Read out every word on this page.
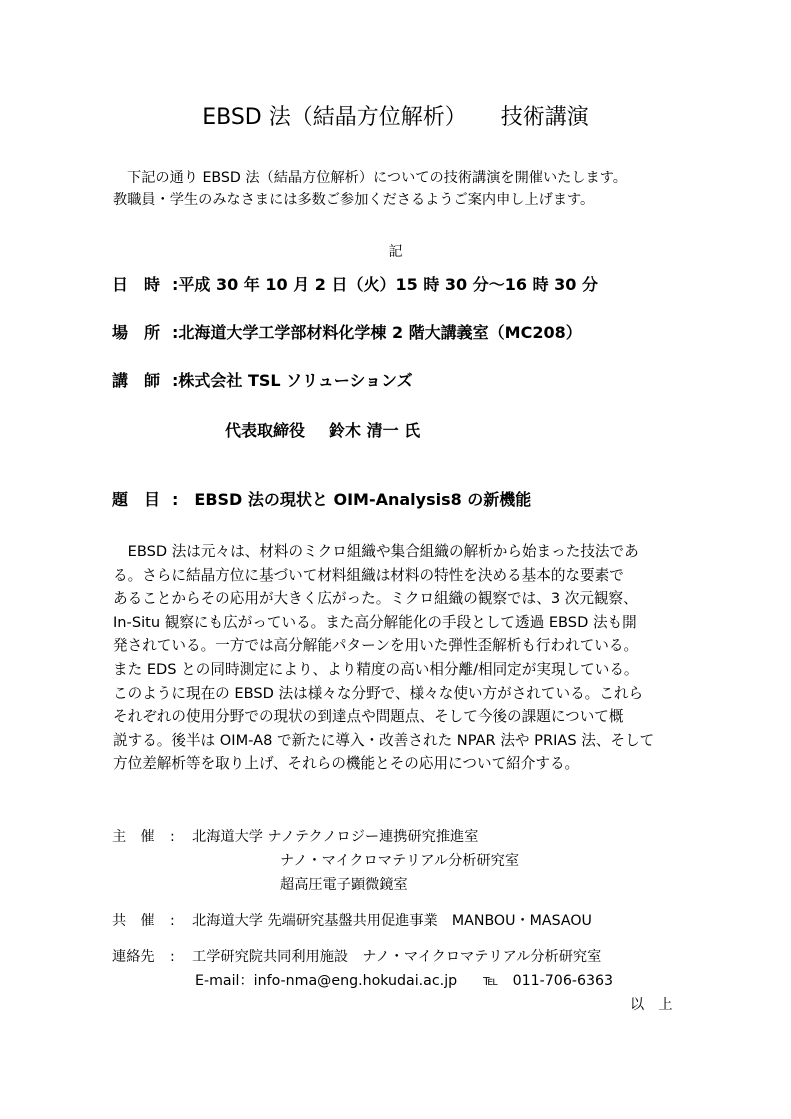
EBSD 法（結晶方位解析） 技術講演
下記の通り EBSD 法（結晶方位解析）についての技術講演を開催いたします。
教職員・学生のみなさまには多数ご参加くださるようご案内申し上げます。
記
日　時 :平成 30 年 10 月 2 日（火）15 時 30 分〜16 時 30 分
場　所 :北海道大学工学部材料化学棟 2 階大講義室（MC208）
講　師 :株式会社 TSL ソリューションズ
代表取締役 鈴木 清一 氏
題　目 :　EBSD 法の現状と OIM-Analysis8 の新機能
　EBSD 法は元々は、材料のミクロ組織や集合組織の解析から始まった技法であ
る。さらに結晶方位に基づいて材料組織は材料の特性を決める基本的な要素で
あることからその応用が大きく広がった。ミクロ組織の観察では、3 次元観察、
In-Situ 観察にも広がっている。また高分解能化の手段として透過 EBSD 法も開
発されている。一方では高分解能パターンを用いた弾性歪解析も行われている。
また EDS との同時測定により、より精度の高い相分離/相同定が実現している。
このように現在の EBSD 法は様々な分野で、様々な使い方がされている。これら
それぞれの使用分野での現状の到達点や問題点、そして今後の課題について概
説する。後半は OIM-A8 で新たに導入・改善された NPAR 法や PRIAS 法、そして
方位差解析等を取り上げ、それらの機能とその応用について紹介する。
主　催 : 北海道大学 ナノテクノロジー連携研究推進室
ナノ・マイクロマテリアル分析研究室
超高圧電子顕微鏡室
共　催 : 北海道大学 先端研究基盤共用促進事業　MANBOU・MASAOU
連絡先 : 工学研究院共同利用施設　ナノ・マイクロマテリアル分析研究室
E-mail：info-nma@eng.hokudai.ac.jp ℡　011-706-6363
以　上
